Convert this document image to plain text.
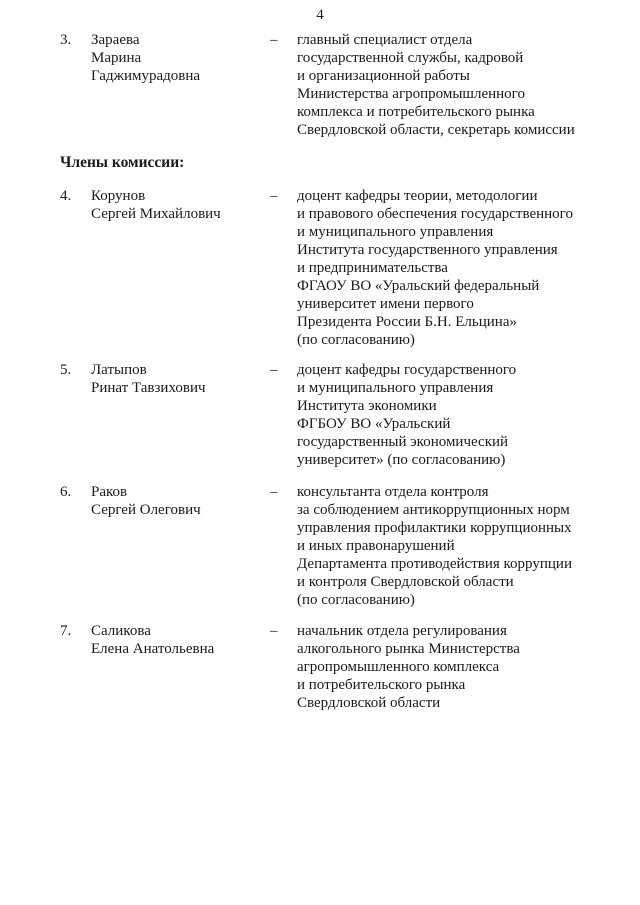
4
3. Зараева
Марина
Гаджимурадовна
– главный специалист отдела
государственной службы, кадровой
и организационной работы
Министерства агропромышленного
комплекса и потребительского рынка
Свердловской области, секретарь комиссии
Члены комиссии:
4. Корунов
Сергей Михайлович
– доцент кафедры теории, методологии
и правового обеспечения государственного
и муниципального управления
Института государственного управления
и предпринимательства
ФГАОУ ВО «Уральский федеральный
университет имени первого
Президента России Б.Н. Ельцина»
(по согласованию)
5. Латыпов
Ринат Тавзихович
– доцент кафедры государственного
и муниципального управления
Института экономики
ФГБОУ ВО «Уральский
государственный экономический
университет» (по согласованию)
6. Раков
Сергей Олегович
– консультанта отдела контроля
за соблюдением антикоррупционных норм
управления профилактики коррупционных
и иных правонарушений
Департамента противодействия коррупции
и контроля Свердловской области
(по согласованию)
7. Саликова
Елена Анатольевна
– начальник отдела регулирования
алкогольного рынка Министерства
агропромышленного комплекса
и потребительского рынка
Свердловской области
